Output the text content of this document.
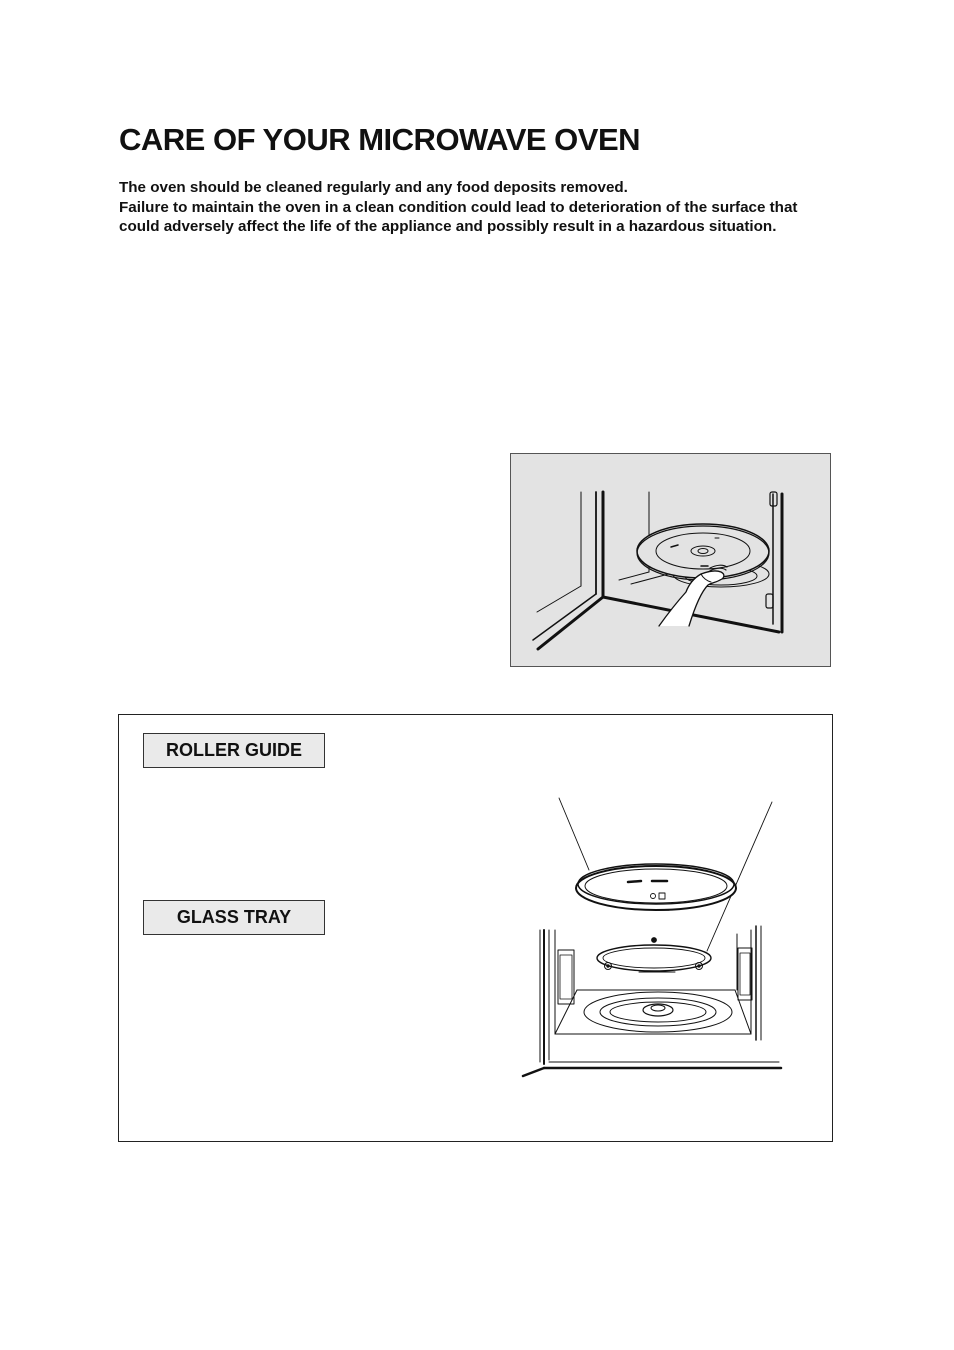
CARE OF YOUR MICROWAVE OVEN

The oven should be cleaned regularly and any food deposits removed.

Failure to maintain the oven in a clean condition could lead to deterioration of the surface that could adversely affect the life of the appliance and possibly result in a hazardous situation.

ROLLER GUIDE
GLASS TRAY
